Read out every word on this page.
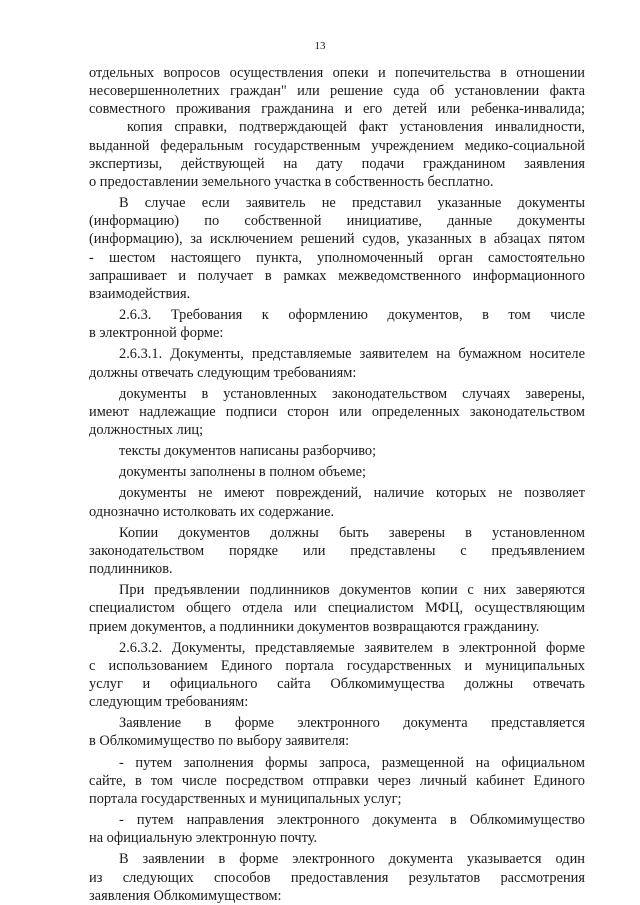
13
отдельных вопросов осуществления опеки и попечительства в отношении
несовершеннолетних граждан" или решение суда об установлении факта
совместного проживания гражданина и его детей или ребенка-инвалида;
копия справки, подтверждающей факт установления инвалидности,
выданной федеральным государственным учреждением медико-социальной
экспертизы, действующей на дату подачи гражданином заявления
о предоставлении земельного участка в собственность бесплатно.
В случае если заявитель не представил указанные документы
(информацию) по собственной инициативе, данные документы
(информацию), за исключением решений судов, указанных в абзацах пятом
- шестом настоящего пункта, уполномоченный орган самостоятельно
запрашивает и получает в рамках межведомственного информационного
взаимодействия.
2.6.3. Требования к оформлению документов, в том числе
в электронной форме:
2.6.3.1. Документы, представляемые заявителем на бумажном носителе
должны отвечать следующим требованиям:
документы в установленных законодательством случаях заверены,
имеют надлежащие подписи сторон или определенных законодательством
должностных лиц;
тексты документов написаны разборчиво;
документы заполнены в полном объеме;
документы не имеют повреждений, наличие которых не позволяет
однозначно истолковать их содержание.
Копии документов должны быть заверены в установленном
законодательством порядке или представлены с предъявлением
подлинников.
При предъявлении подлинников документов копии с них заверяются
специалистом общего отдела или специалистом МФЦ, осуществляющим
прием документов, а подлинники документов возвращаются гражданину.
2.6.3.2. Документы, представляемые заявителем в электронной форме
с использованием Единого портала государственных и муниципальных
услуг и официального сайта Облкомимущества должны отвечать
следующим требованиям:
Заявление в форме электронного документа представляется
в Облкомимущество по выбору заявителя:
- путем заполнения формы запроса, размещенной на официальном
сайте, в том числе посредством отправки через личный кабинет Единого
портала государственных и муниципальных услуг;
- путем направления электронного документа в Облкомимущество
на официальную электронную почту.
В заявлении в форме электронного документа указывается один
из следующих способов предоставления результатов рассмотрения
заявления Облкомимуществом:
